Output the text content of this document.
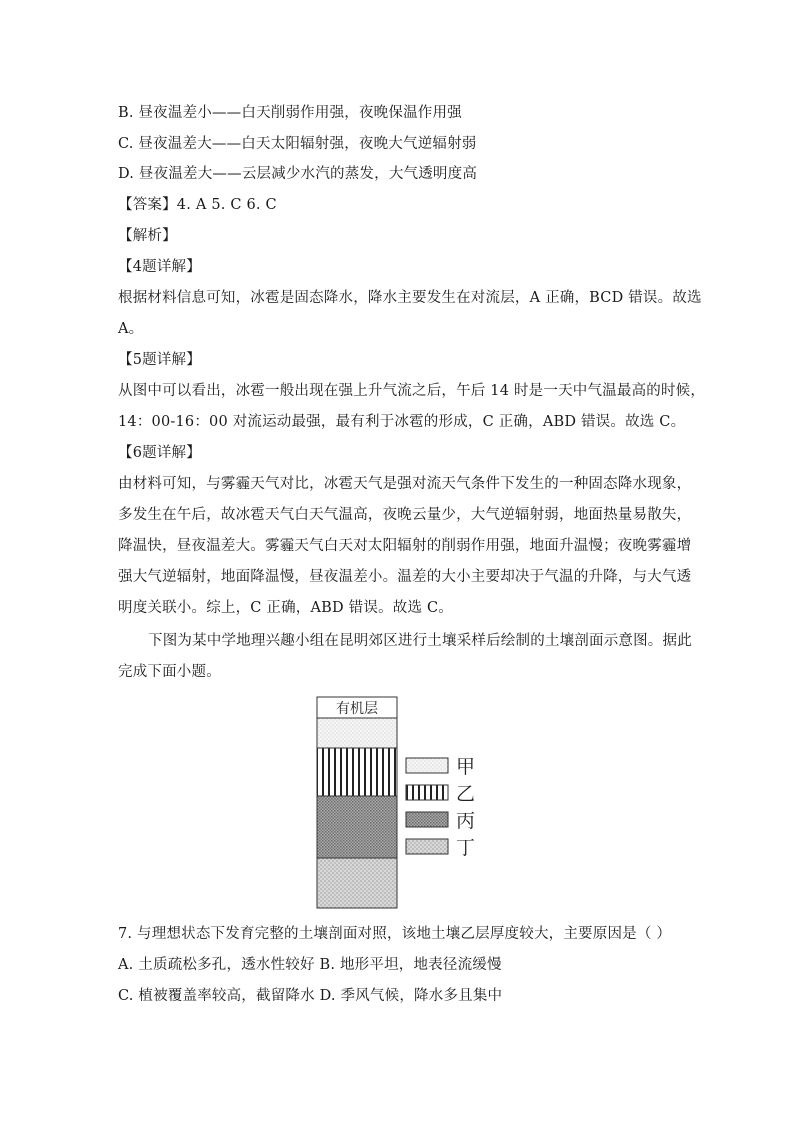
B. 昼夜温差小——白天削弱作用强，夜晚保温作用强
C. 昼夜温差大——白天太阳辐射强，夜晚大气逆辐射弱
D. 昼夜温差大——云层减少水汽的蒸发，大气透明度高
【答案】4. A 5. C 6. C
【解析】
【4题详解】
根据材料信息可知，冰雹是固态降水，降水主要发生在对流层，A 正确，BCD 错误。故选
A。
【5题详解】
从图中可以看出，冰雹一般出现在强上升气流之后，午后 14 时是一天中气温最高的时候，
14：00-16：00 对流运动最强，最有利于冰雹的形成，C 正确，ABD 错误。故选 C。
【6题详解】
由材料可知，与雾霾天气对比，冰雹天气是强对流天气条件下发生的一种固态降水现象，
多发生在午后，故冰雹天气白天气温高，夜晚云量少，大气逆辐射弱，地面热量易散失，
降温快，昼夜温差大。雾霾天气白天对太阳辐射的削弱作用强，地面升温慢；夜晚雾霾增
强大气逆辐射，地面降温慢，昼夜温差小。温差的大小主要却决于气温的升降，与大气透
明度关联小。综上，C 正确，ABD 错误。故选 C。
下图为某中学地理兴趣小组在昆明郊区进行土壤采样后绘制的土壤剖面示意图。据此
完成下面小题。
有机层
甲
乙
丙
丁
7. 与理想状态下发育完整的土壤剖面对照，该地土壤乙层厚度较大，主要原因是（ ）
A. 土质疏松多孔，透水性较好 B. 地形平坦，地表径流缓慢
C. 植被覆盖率较高，截留降水 D. 季风气候，降水多且集中
